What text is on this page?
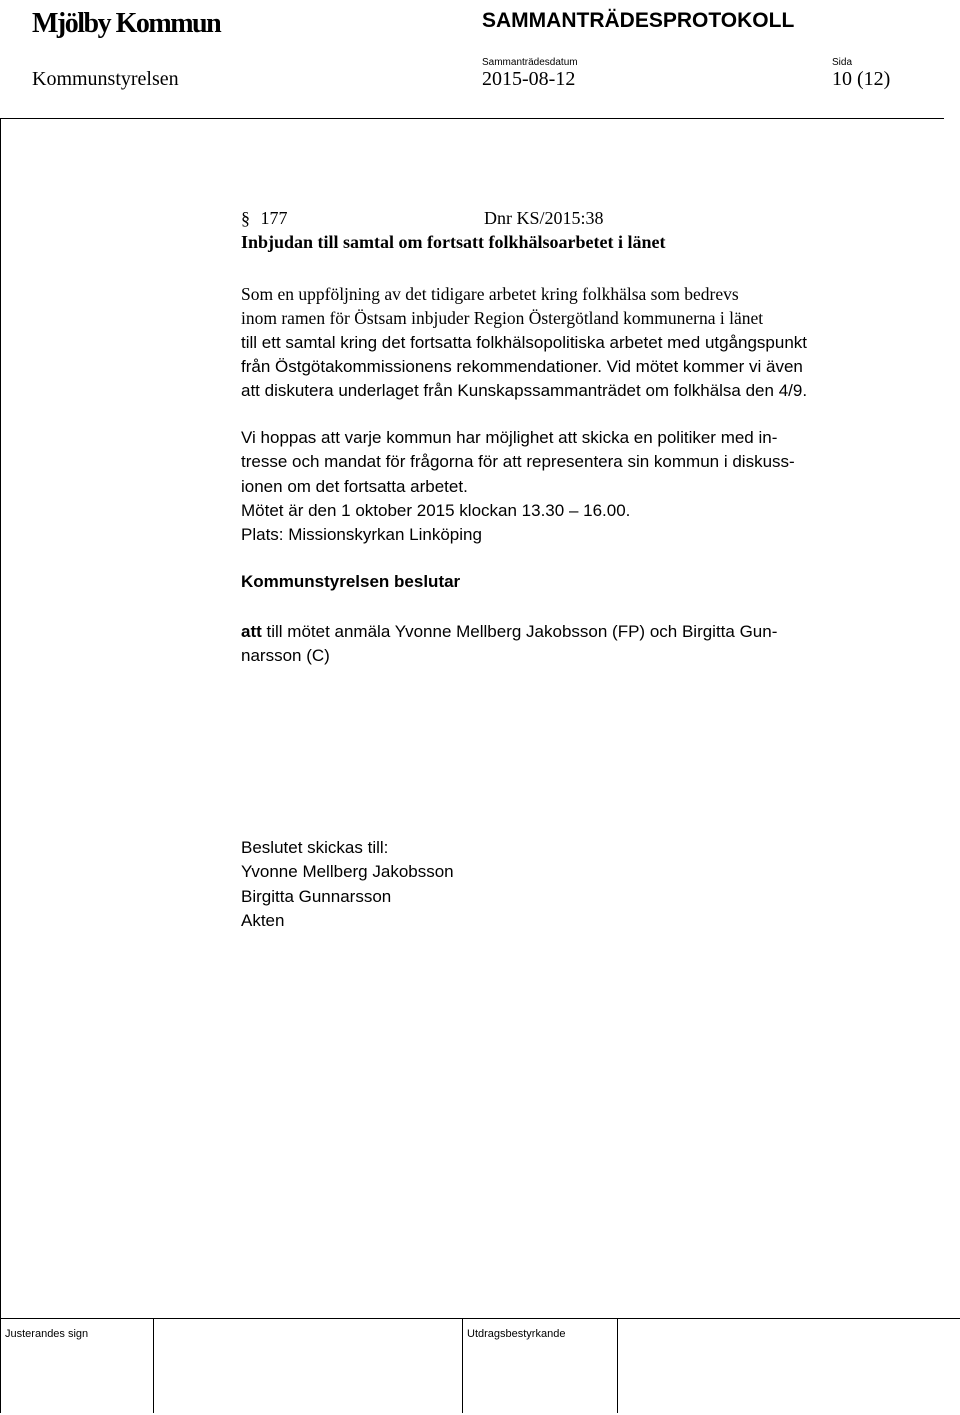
Mjölby Kommun	SAMMANTRÄDESPROTOKOLL
Sammanträdesdatum	Sida
Kommunstyrelsen	2015-08-12	10 (12)
§ 177	Dnr KS/2015:38
Inbjudan till samtal om fortsatt folkhälsoarbetet i länet
Som en uppföljning av det tidigare arbetet kring folkhälsa som bedrevs
inom ramen för Östsam inbjuder Region Östergötland kommunerna i länet
till ett samtal kring det fortsatta folkhälsopolitiska arbetet med utgångspunkt
från Östgötakommissionens rekommendationer. Vid mötet kommer vi även
att diskutera underlaget från Kunskapssammanträdet om folkhälsa den 4/9.
Vi hoppas att varje kommun har möjlighet att skicka en politiker med in-
tresse och mandat för frågorna för att representera sin kommun i diskuss-
ionen om det fortsatta arbetet.
Mötet är den 1 oktober 2015 klockan 13.30 – 16.00.
Plats: Missionskyrkan Linköping
Kommunstyrelsen beslutar
att till mötet anmäla Yvonne Mellberg Jakobsson (FP) och Birgitta Gun-
narsson (C)
Beslutet skickas till:
Yvonne Mellberg Jakobsson
Birgitta Gunnarsson
Akten
Justerandes sign	Utdragsbestyrkande
